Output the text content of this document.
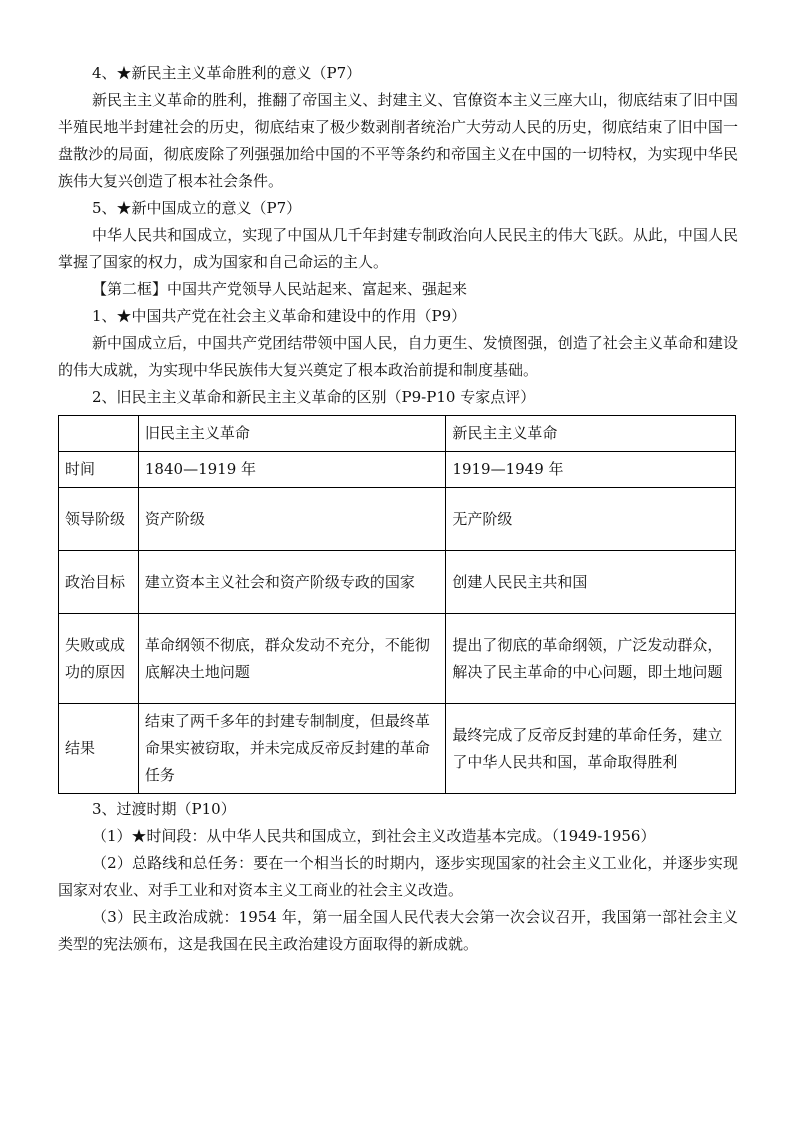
4、★新民主主义革命胜利的意义（P7）

新民主主义革命的胜利，推翻了帝国主义、封建主义、官僚资本主义三座大山，彻底结束了旧中国半殖民地半封建社会的历史，彻底结束了极少数剥削者统治广大劳动人民的历史，彻底结束了旧中国一盘散沙的局面，彻底废除了列强强加给中国的不平等条约和帝国主义在中国的一切特权，为实现中华民族伟大复兴创造了根本社会条件。

5、★新中国成立的意义（P7）

中华人民共和国成立，实现了中国从几千年封建专制政治向人民民主的伟大飞跃。从此，中国人民掌握了国家的权力，成为国家和自己命运的主人。

【第二框】中国共产党领导人民站起来、富起来、强起来

1、★中国共产党在社会主义革命和建设中的作用（P9）

新中国成立后，中国共产党团结带领中国人民，自力更生、发愤图强，创造了社会主义革命和建设的伟大成就，为实现中华民族伟大复兴奠定了根本政治前提和制度基础。

2、旧民主主义革命和新民主主义革命的区别（P9-P10 专家点评）

	旧民主主义革命	新民主主义革命
时间	1840—1919 年	1919—1949 年
领导阶级	资产阶级	无产阶级
政治目标	建立资本主义社会和资产阶级专政的国家	创建人民民主共和国
失败或成功的原因	革命纲领不彻底，群众发动不充分，不能彻底解决土地问题	提出了彻底的革命纲领，广泛发动群众，解决了民主革命的中心问题，即土地问题
结果	结束了两千多年的封建专制制度，但最终革命果实被窃取，并未完成反帝反封建的革命任务	最终完成了反帝反封建的革命任务，建立了中华人民共和国，革命取得胜利

3、过渡时期（P10）

（1）★时间段：从中华人民共和国成立，到社会主义改造基本完成。（1949-1956）

（2）总路线和总任务：要在一个相当长的时期内，逐步实现国家的社会主义工业化，并逐步实现国家对农业、对手工业和对资本主义工商业的社会主义改造。

（3）民主政治成就：1954 年，第一届全国人民代表大会第一次会议召开，我国第一部社会主义类型的宪法颁布，这是我国在民主政治建设方面取得的新成就。
